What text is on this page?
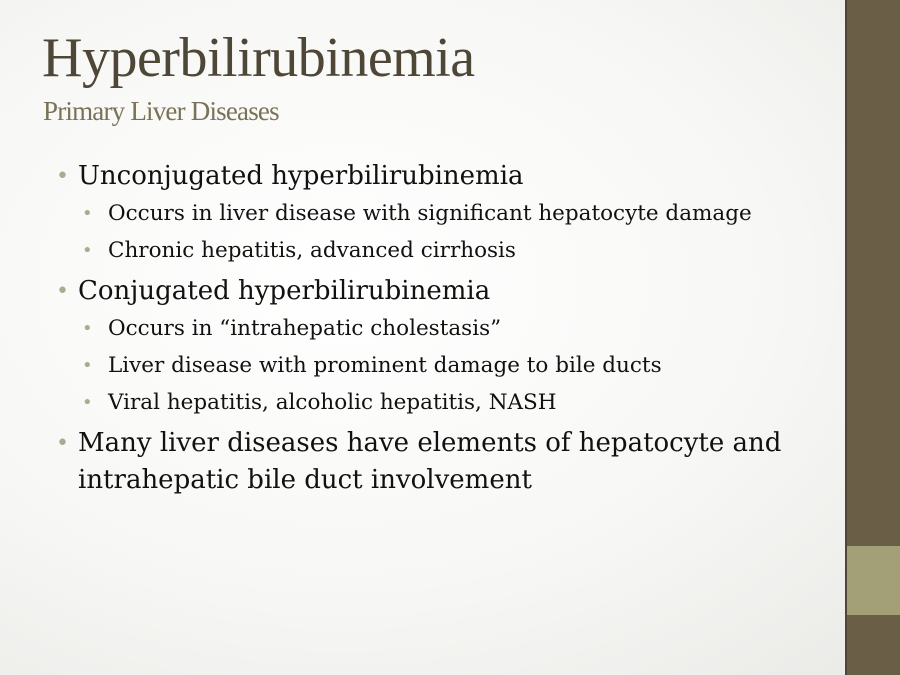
Hyperbilirubinemia
Primary Liver Diseases
• Unconjugated hyperbilirubinemia
• Occurs in liver disease with significant hepatocyte damage
• Chronic hepatitis, advanced cirrhosis
• Conjugated hyperbilirubinemia
• Occurs in “intrahepatic cholestasis”
• Liver disease with prominent damage to bile ducts
• Viral hepatitis, alcoholic hepatitis, NASH
• Many liver diseases have elements of hepatocyte and intrahepatic bile duct involvement
